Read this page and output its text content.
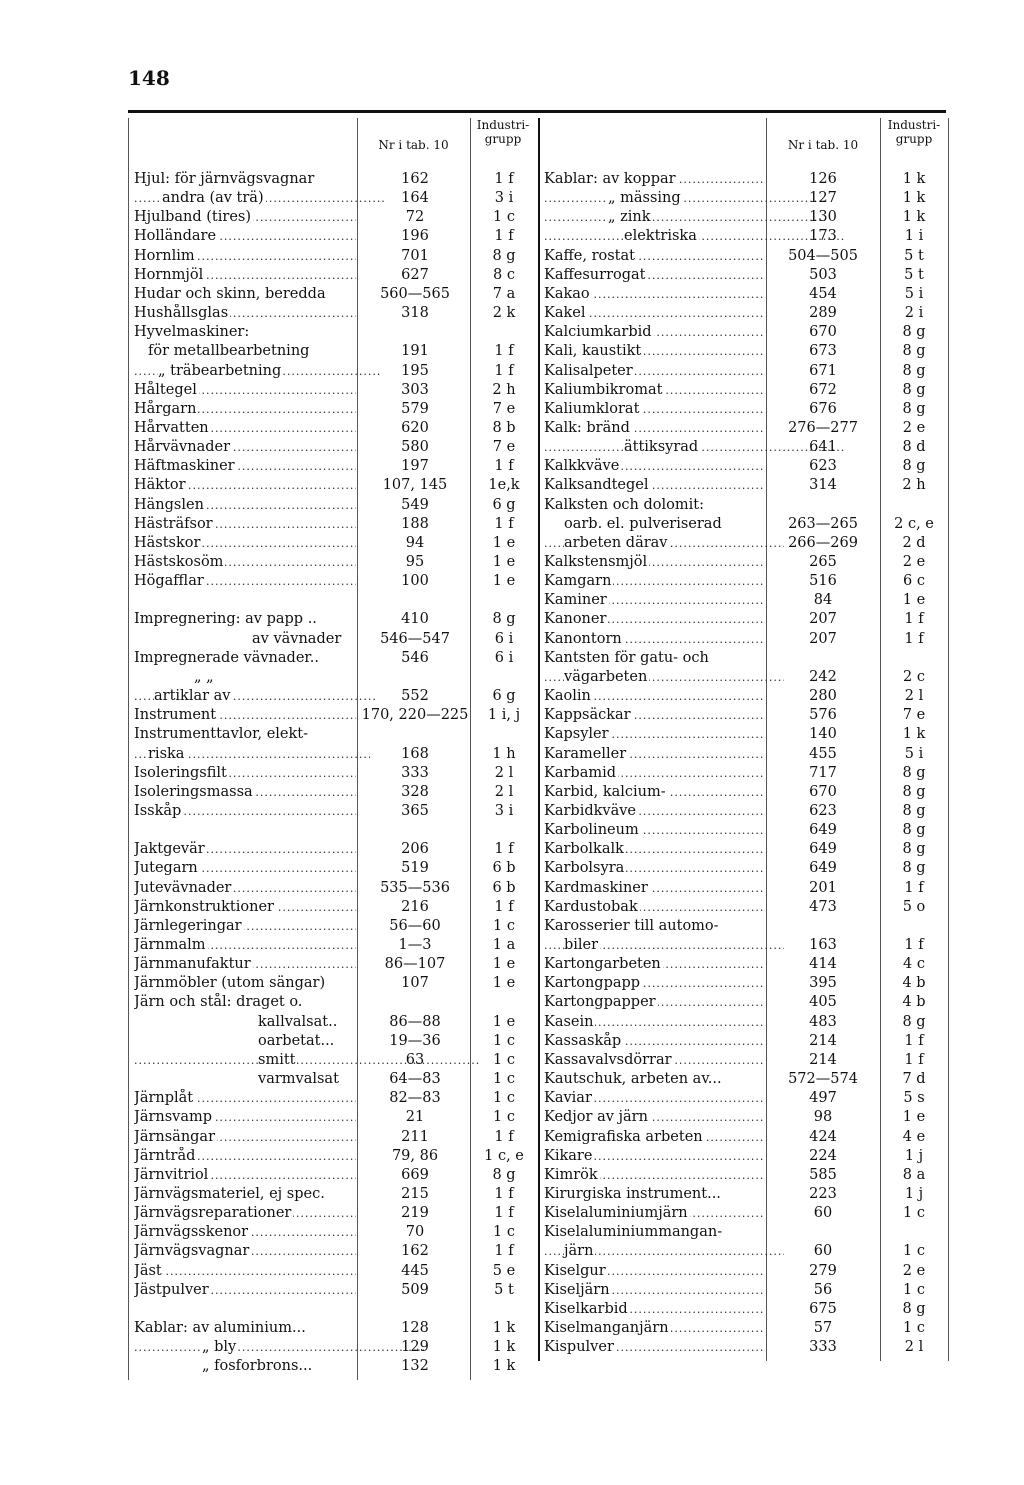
148
Nr i tab. 10
Industri-
grupp
Hjul: för järnvägsvagnar	162	1 f
andra (av trä) .....	164	3 i
Hjulband (tires) .....	72	1 c
Holländare .....	196	1 f
Hornlim .....	701	8 g
Hornmjöl .....	627	8 c
Hudar och skinn, beredda	560—565	7 a
Hushållsglas .....	318	2 k
Hyvelmaskiner:
för metallbearbetning	191	1 f
„ träbearbetning .....	195	1 f
Håltegel .....	303	2 h
Hårgarn .....	579	7 e
Hårvatten .....	620	8 b
Hårvävnader .....	580	7 e
Häftmaskiner .....	197	1 f
Häktor .....	107, 145	1e,k
Hängslen .....	549	6 g
Hästräfsor .....	188	1 f
Hästskor .....	94	1 e
Hästskosöm .....	95	1 e
Högafflar .....	100	1 e
Impregnering: av papp ..	410	8 g
av vävnader	546—547	6 i
Impregnerade vävnader..	546	6 i
„ „
artiklar av .....	552	6 g
Instrument .....	170, 220—225	1 i, j
Instrumenttavlor, elekt-
riska .....	168	1 h
Isoleringsfilt .....	333	2 l
Isoleringsmassa .....	328	2 l
Isskåp .....	365	3 i
Jaktgevär .....	206	1 f
Jutegarn .....	519	6 b
Jutevävnader .....	535—536	6 b
Järnkonstruktioner .....	216	1 f
Järnlegeringar .....	56—60	1 c
Järnmalm .....	1—3	1 a
Järnmanufaktur .....	86—107	1 e
Järnmöbler (utom sängar)	107	1 e
Järn och stål: draget o.
kallvalsat..	86—88	1 e
oarbetat...	19—36	1 c
smitt .....	63	1 c
varmvalsat	64—83	1 c
Järnplåt .....	82—83	1 c
Järnsvamp .....	21	1 c
Järnsängar .....	211	1 f
Järntråd .....	79, 86	1 c, e
Järnvitriol .....	669	8 g
Järnvägsmateriel, ej spec.	215	1 f
Järnvägsreparationer .....	219	1 f
Järnvägsskenor .....	70	1 c
Järnvägsvagnar .....	162	1 f
Jäst .....	445	5 e
Jästpulver .....	509	5 t
Kablar: av aluminium...	128	1 k
„ bly .....	129	1 k
„ fosforbrons...	132	1 k
Nr i tab. 10
Industri-
grupp
Kablar: av koppar .....	126	1 k
„ mässing .....	127	1 k
„ zink .....	130	1 k
elektriska .....	173	1 i
Kaffe, rostat .....	504—505	5 t
Kaffesurrogat .....	503	5 t
Kakao .....	454	5 i
Kakel .....	289	2 i
Kalciumkarbid .....	670	8 g
Kali, kaustikt .....	673	8 g
Kalisalpeter .....	671	8 g
Kaliumbikromat .....	672	8 g
Kaliumklorat .....	676	8 g
Kalk: bränd .....	276—277	2 e
ättiksyrad .....	641	8 d
Kalkkväve .....	623	8 g
Kalksandtegel .....	314	2 h
Kalksten och dolomit:
oarb. el. pulveriserad	263—265	2 c, e
arbeten därav .....	266—269	2 d
Kalkstensmjöl .....	265	2 e
Kamgarn .....	516	6 c
Kaminer .....	84	1 e
Kanoner .....	207	1 f
Kanontorn .....	207	1 f
Kantsten för gatu- och
vägarbeten .....	242	2 c
Kaolin .....	280	2 l
Kappsäckar .....	576	7 e
Kapsyler .....	140	1 k
Karameller .....	455	5 i
Karbamid .....	717	8 g
Karbid, kalcium- .....	670	8 g
Karbidkväve .....	623	8 g
Karbolineum .....	649	8 g
Karbolkalk .....	649	8 g
Karbolsyra .....	649	8 g
Kardmaskiner .....	201	1 f
Kardustobak .....	473	5 o
Karosserier till automo-
biler .....	163	1 f
Kartongarbeten .....	414	4 c
Kartongpapp .....	395	4 b
Kartongpapper .....	405	4 b
Kasein .....	483	8 g
Kassaskåp .....	214	1 f
Kassavalvsdörrar .....	214	1 f
Kautschuk, arbeten av...	572—574	7 d
Kaviar .....	497	5 s
Kedjor av järn .....	98	1 e
Kemigrafiska arbeten .....	424	4 e
Kikare .....	224	1 j
Kimrök .....	585	8 a
Kirurgiska instrument...	223	1 j
Kiselaluminiumjärn .....	60	1 c
Kiselaluminiummangan-
järn .....	60	1 c
Kiselgur .....	279	2 e
Kiseljärn .....	56	1 c
Kiselkarbid .....	675	8 g
Kiselmanganjärn .....	57	1 c
Kispulver .....	333	2 l
